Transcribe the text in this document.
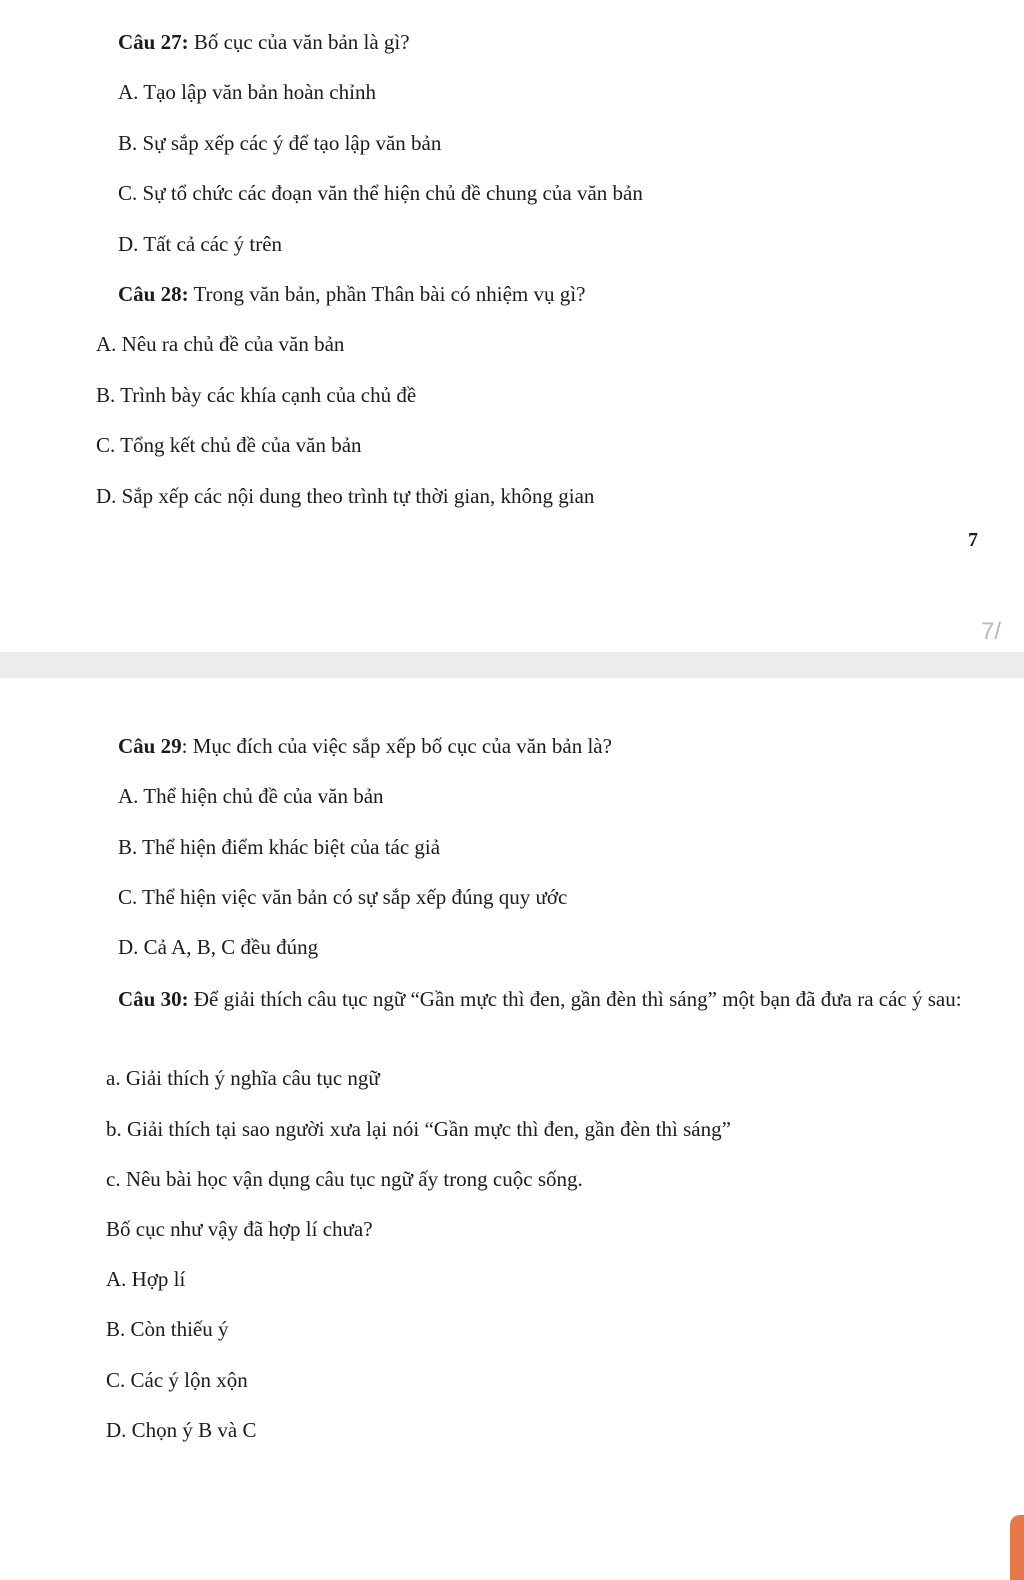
Câu 27: Bố cục của văn bản là gì?
A. Tạo lập văn bản hoàn chỉnh
B. Sự sắp xếp các ý để tạo lập văn bản
C. Sự tổ chức các đoạn văn thể hiện chủ đề chung của văn bản
D. Tất cả các ý trên
Câu 28: Trong văn bản, phần Thân bài có nhiệm vụ gì?
A. Nêu ra chủ đề của văn bản
B. Trình bày các khía cạnh của chủ đề
C. Tổng kết chủ đề của văn bản
D. Sắp xếp các nội dung theo trình tự thời gian, không gian
7
7/
Câu 29: Mục đích của việc sắp xếp bố cục của văn bản là?
A. Thể hiện chủ đề của văn bản
B. Thể hiện điểm khác biệt của tác giả
C. Thể hiện việc văn bản có sự sắp xếp đúng quy ước
D. Cả A, B, C đều đúng
Câu 30: Để giải thích câu tục ngữ “Gần mực thì đen, gần đèn thì sáng” một bạn đã đưa ra các ý sau:
a. Giải thích ý nghĩa câu tục ngữ
b. Giải thích tại sao người xưa lại nói “Gần mực thì đen, gần đèn thì sáng”
c. Nêu bài học vận dụng câu tục ngữ ấy trong cuộc sống.
Bố cục như vậy đã hợp lí chưa?
A. Hợp lí
B. Còn thiếu ý
C. Các ý lộn xộn
D. Chọn ý B và C
